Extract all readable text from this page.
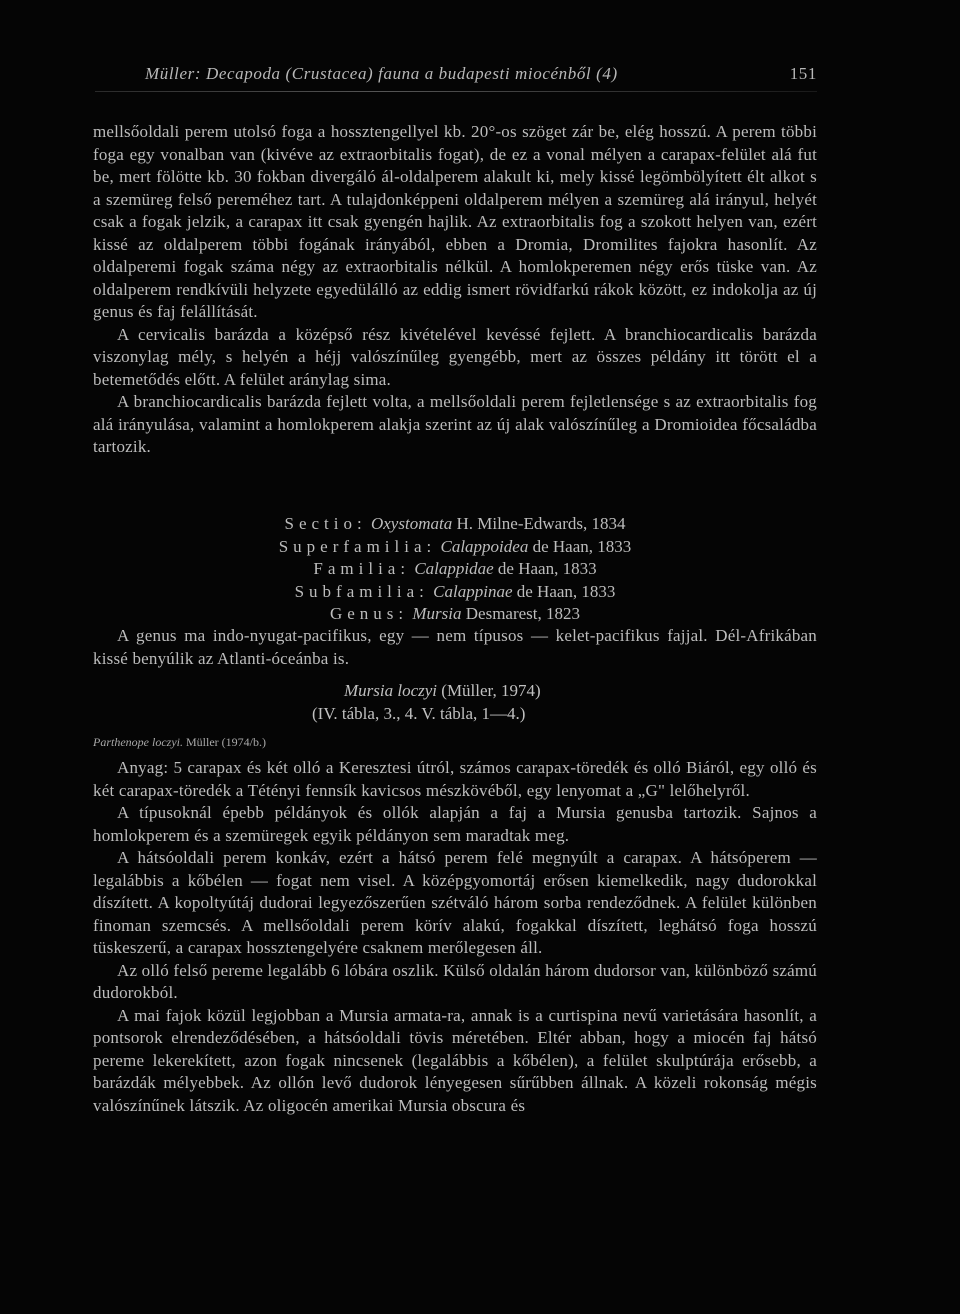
Müller: Decapoda (Crustacea) fauna a budapesti miocénből (4)	151

mellsőoldali perem utolsó foga a hossztengellyel kb. 20°-os szöget zár be, elég hosszú. A perem többi foga egy vonalban van (kivéve az extraorbitalis fogat), de ez a vonal mélyen a carapax-felület alá fut be, mert fölötte kb. 30 fokban divergáló ál-oldalperem alakult ki, mely kissé legömbölyített élt alkot s a szemüreg felső pereméhez tart. A tulajdonképpeni oldalperem mélyen a szemüreg alá irányul, helyét csak a fogak jelzik, a carapax itt csak gyengén hajlik. Az extraorbitalis fog a szokott helyen van, ezért kissé az oldalperem többi fogának irányából, ebben a Dromia, Dromilites fajokra hasonlít. Az oldalperemi fogak száma négy az extraorbitalis nélkül. A homlokperemen négy erős tüske van. Az oldalperem rendkívüli helyzete egyedülálló az eddig ismert rövidfarkú rákok között, ez indokolja az új genus és faj felállítását.

A cervicalis barázda a középső rész kivételével kevéssé fejlett. A branchiocardicalis barázda viszonylag mély, s helyén a héjj valószínűleg gyengébb, mert az összes példány itt törött el a betemetődés előtt. A felület aránylag sima.

A branchiocardicalis barázda fejlett volta, a mellsőoldali perem fejletlensége s az extraorbitalis fog alá irányulása, valamint a homlokperem alakja szerint az új alak valószínűleg a Dromioidea főcsaládba tartozik.

Sectio: Oxystomata H. Milne-Edwards, 1834
Superfamilia: Calappoidea de Haan, 1833
Familia: Calappidae de Haan, 1833
Subfamilia: Calappinae de Haan, 1833
Genus: Mursia Desmarest, 1823

A genus ma indo-nyugat-pacifikus, egy — nem típusos — kelet-pacifikus fajjal. Dél-Afrikában kissé benyúlik az Atlanti-óceánba is.

Mursia loczyi (Müller, 1974)
(IV. tábla, 3., 4. V. tábla, 1—4.)
Parthenope loczyi. Müller (1974/b.)

Anyag: 5 carapax és két olló a Keresztesi útról, számos carapax-töredék és olló Biáról, egy olló és két carapax-töredék a Tétényi fennsík kavicsos mészkövéből, egy lenyomat a „G" lelőhelyről.

A típusoknál épebb példányok és ollók alapján a faj a Mursia genusba tartozik. Sajnos a homlokperem és a szemüregek egyik példányon sem maradtak meg.

A hátsóoldali perem konkáv, ezért a hátsó perem felé megnyúlt a carapax. A hátsóperem — legalábbis a kőbélen — fogat nem visel. A középgyomortáj erősen kiemelkedik, nagy dudorokkal díszített. A kopoltyútáj dudorai legyezőszerűen szétváló három sorba rendeződnek. A felület különben finoman szemcsés. A mellsőoldali perem körív alakú, fogakkal díszített, leghátsó foga hosszú tüskeszerű, a carapax hossztengelyére csaknem merőlegesen áll.

Az olló felső pereme legalább 6 lóbára oszlik. Külső oldalán három dudorsor van, különböző számú dudorokból.

A mai fajok közül legjobban a Mursia armata-ra, annak is a curtispina nevű varietására hasonlít, a pontsorok elrendeződésében, a hátsóoldali tövis méretében. Eltér abban, hogy a miocén faj hátsó pereme lekerekített, azon fogak nincsenek (legalábbis a kőbélen), a felület skulptúrája erősebb, a barázdák mélyebbek. Az ollón levő dudorok lényegesen sűrűbben állnak. A közeli rokonság mégis valószínűnek látszik. Az oligocén amerikai Mursia obscura és
